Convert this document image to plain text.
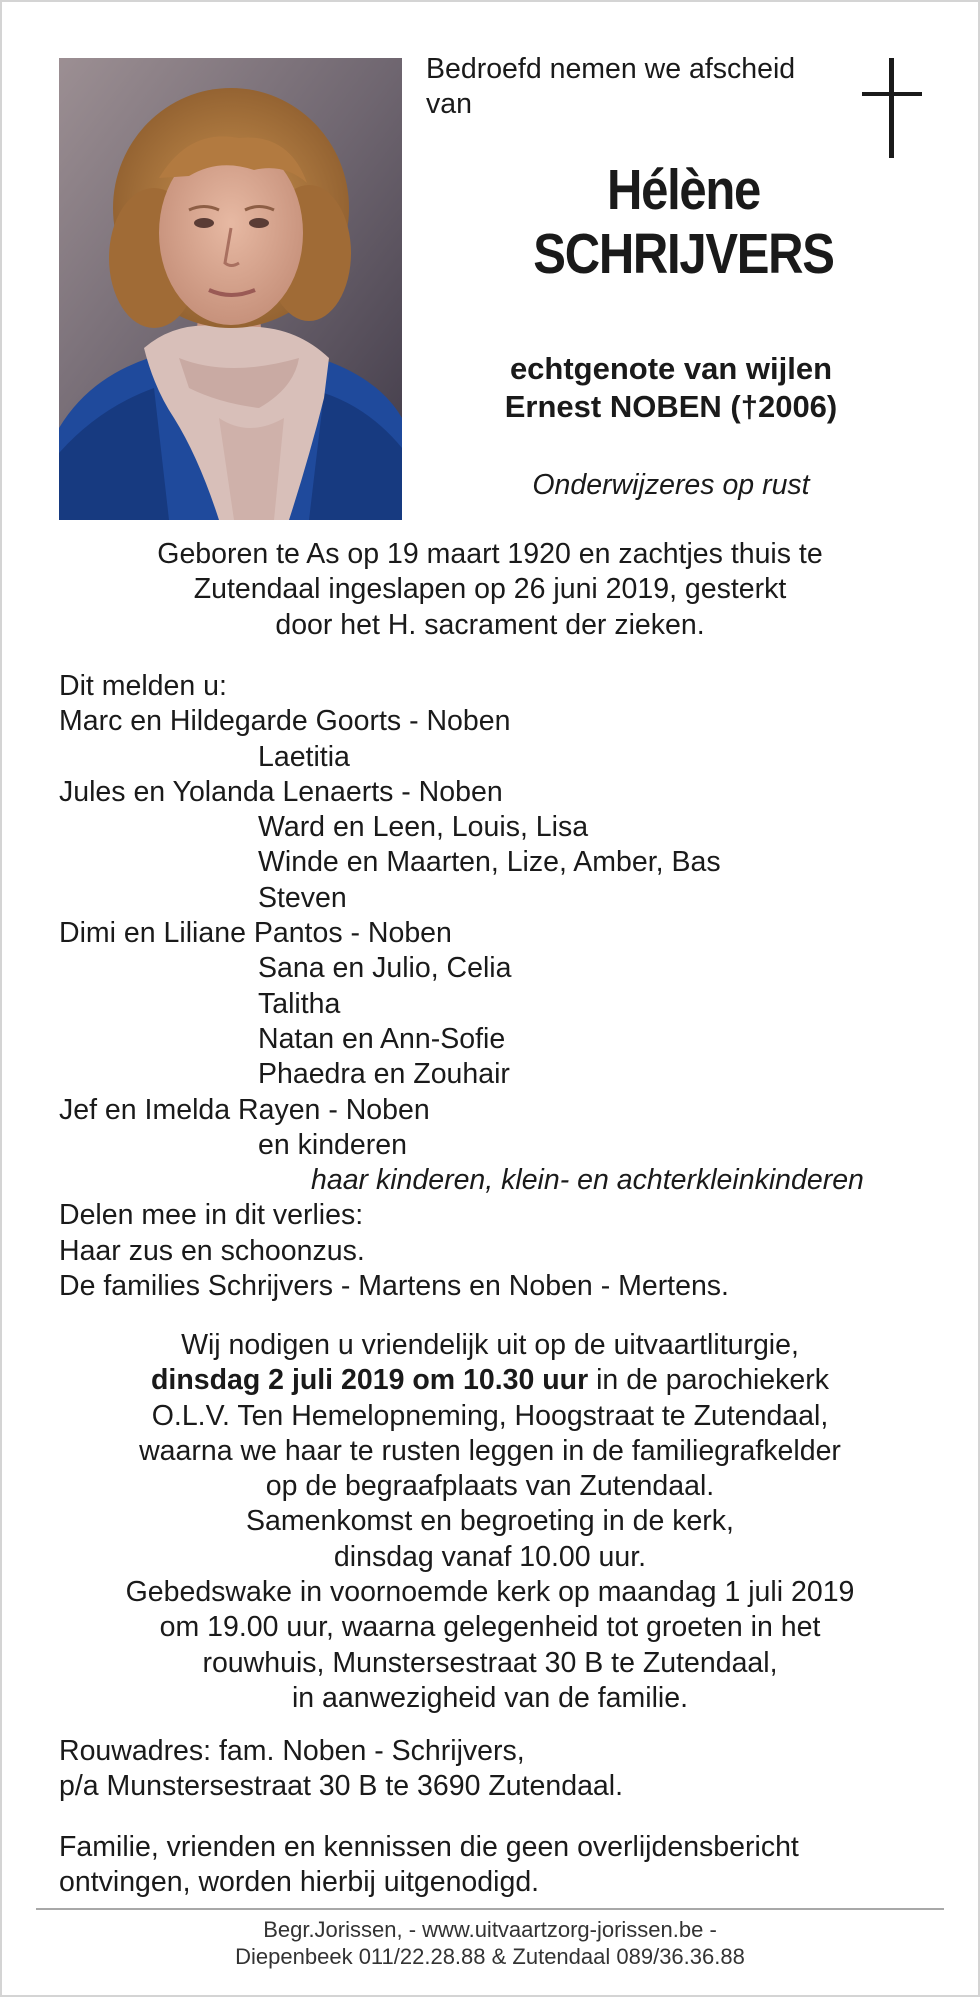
Bedroefd nemen we afscheid
van
Hélène
SCHRIJVERS
echtgenote van wijlen
Ernest NOBEN (†2006)
Onderwijzeres op rust
Geboren te As op 19 maart 1920 en zachtjes thuis te
Zutendaal ingeslapen op 26 juni 2019, gesterkt
door het H. sacrament der zieken.
Dit melden u:
Marc en Hildegarde Goorts - Noben
Laetitia
Jules en Yolanda Lenaerts - Noben
Ward en Leen, Louis, Lisa
Winde en Maarten, Lize, Amber, Bas
Steven
Dimi en Liliane Pantos - Noben
Sana en Julio, Celia
Talitha
Natan en Ann-Sofie
Phaedra en Zouhair
Jef en Imelda Rayen - Noben
en kinderen
haar kinderen, klein- en achterkleinkinderen
Delen mee in dit verlies:
Haar zus en schoonzus.
De families Schrijvers - Martens en Noben - Mertens.
Wij nodigen u vriendelijk uit op de uitvaartliturgie,
dinsdag 2 juli 2019 om 10.30 uur in de parochiekerk
O.L.V. Ten Hemelopneming, Hoogstraat te Zutendaal,
waarna we haar te rusten leggen in de familiegrafkelder
op de begraafplaats van Zutendaal.
Samenkomst en begroeting in de kerk,
dinsdag vanaf 10.00 uur.
Gebedswake in voornoemde kerk op maandag 1 juli 2019
om 19.00 uur, waarna gelegenheid tot groeten in het
rouwhuis, Munstersestraat 30 B te Zutendaal,
in aanwezigheid van de familie.
Rouwadres: fam. Noben - Schrijvers,
p/a Munstersestraat 30 B te 3690 Zutendaal.
Familie, vrienden en kennissen die geen overlijdensbericht
ontvingen, worden hierbij uitgenodigd.
Begr.Jorissen, - www.uitvaartzorg-jorissen.be -
Diepenbeek 011/22.28.88 & Zutendaal 089/36.36.88
